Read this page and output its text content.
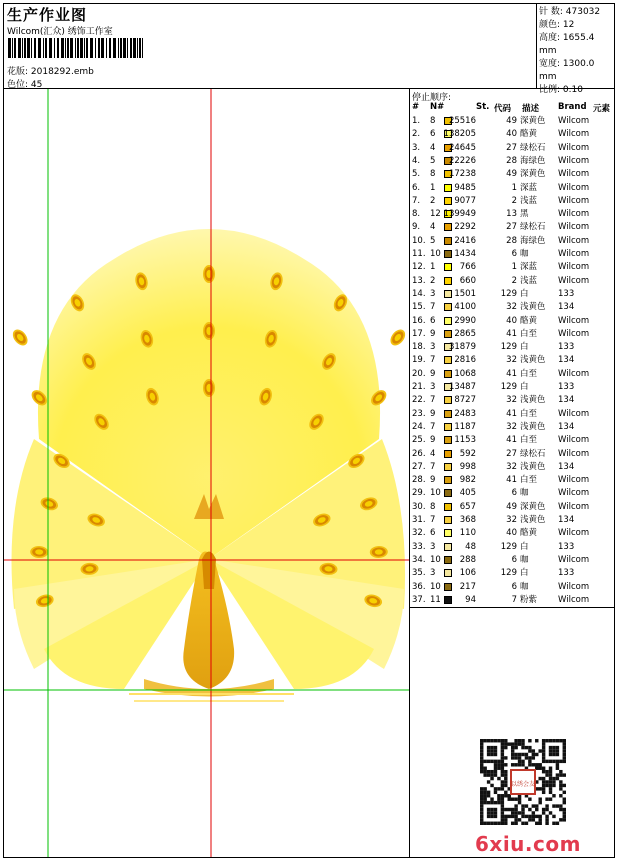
生产作业图
Wilcom(汇众) 绣饰工作室
花版: 2018292.emb
色位: 45
针 数: 473032
颜色: 12
高度: 1655.4 mm
宽度: 1300.0 mm
比例: 0.10
停止顺序:
# N#	St. 代码 描述 Brand 元素
1. 8 25516	49 深黄色 Wilcom
2. 6 138205	40 酪黄 Wilcom
3. 4 24645	27 绿松石 Wilcom
4. 5 22226	28 海绿色 Wilcom
5. 8 17238	49 深黄色 Wilcom
6. 1 9485	1 深蓝 Wilcom
7. 2 9077	2 浅蓝 Wilcom
8. 12 139949	13 黑	Wilcom
9. 4 2292	27 绿松石 Wilcom
10. 5 2416	28 海绿色 Wilcom
11. 10 1434	6 咖	Wilcom
12. 1	766	1 深蓝 Wilcom
13. 2	660	2 浅蓝 Wilcom
14. 3 1501	129 白	133
15. 7 4100	32 浅黄色 134
16. 6 2990	40 酪黄 Wilcom
17. 9 2865	41 白至 Wilcom
18. 3 31879	129 白	133
19. 7 2816	32 浅黄色 134
20. 9 1068	41 白至 Wilcom
21. 3 13487	129 白	133
22. 7 8727	32 浅黄色 134
23. 9 2483	41 白至 Wilcom
24. 7 1187	32 浅黄色 134
25. 9 1153	41 白至 Wilcom
26. 4	592	27 绿松石 Wilcom
27. 7	998	32 浅黄色 134
28. 9	982	41 白至 Wilcom
29. 10 405	6 咖	Wilcom
30. 8	657	49 深黄色 Wilcom
31. 7	368	32 浅黄色 134
32. 6	110	40 酪黄 Wilcom
33. 3	48	129 白	133
34. 10 288	6 咖	Wilcom
35. 3	106	129 白	133
36. 10 217	6 咖	Wilcom
37. 11	94	7 粉紫 Wilcom
以绣会友
6xiu.com
